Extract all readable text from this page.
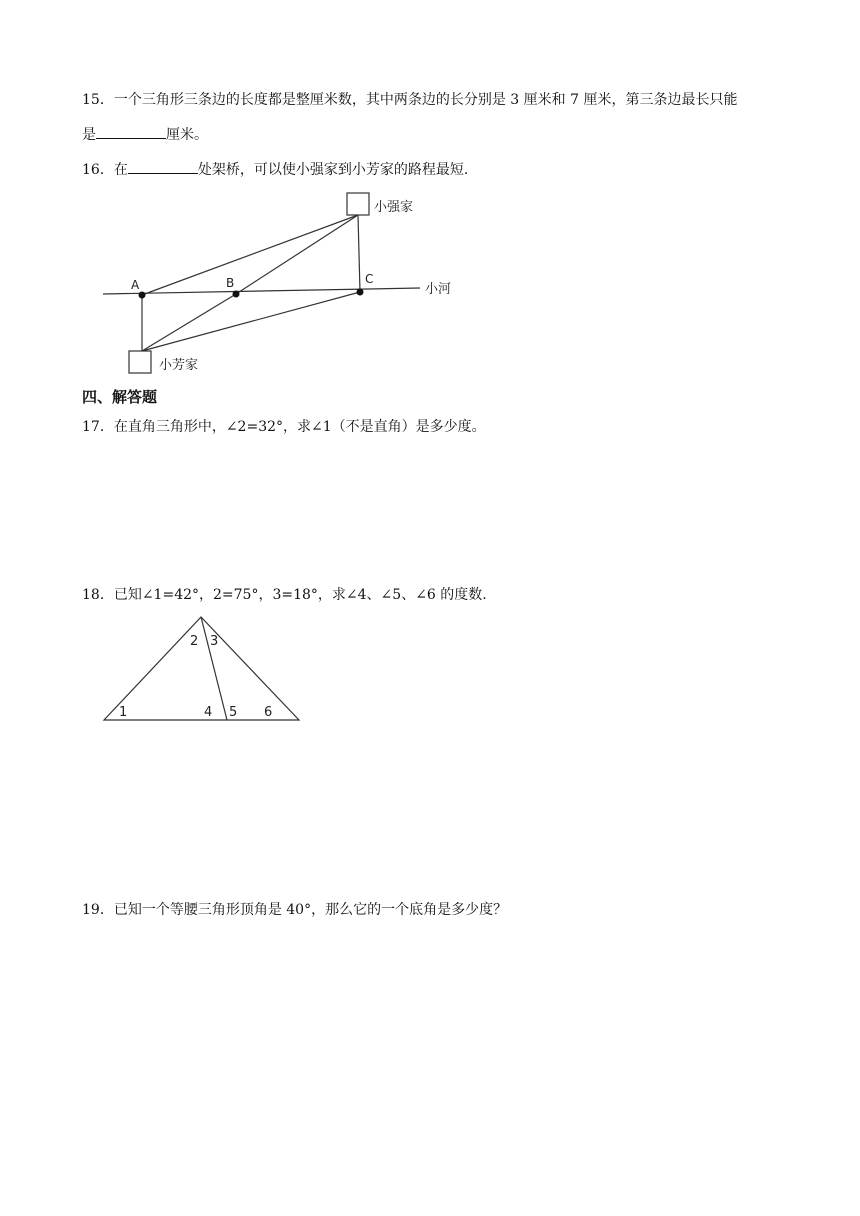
15．一个三角形三条边的长度都是整厘米数，其中两条边的长分别是 3 厘米和 7 厘米，第三条边最长只能
是	厘米。
16．在	处架桥，可以使小强家到小芳家的路程最短.
小强家
小芳家
小河
A	B	C
四、解答题
17．在直角三角形中，∠2=32°，求∠1（不是直角）是多少度。
18．已知∠1=42°，2=75°，3=18°，求∠4、∠5、∠6 的度数.
2 3
1	4 5 6
19．已知一个等腰三角形顶角是 40°，那么它的一个底角是多少度？
